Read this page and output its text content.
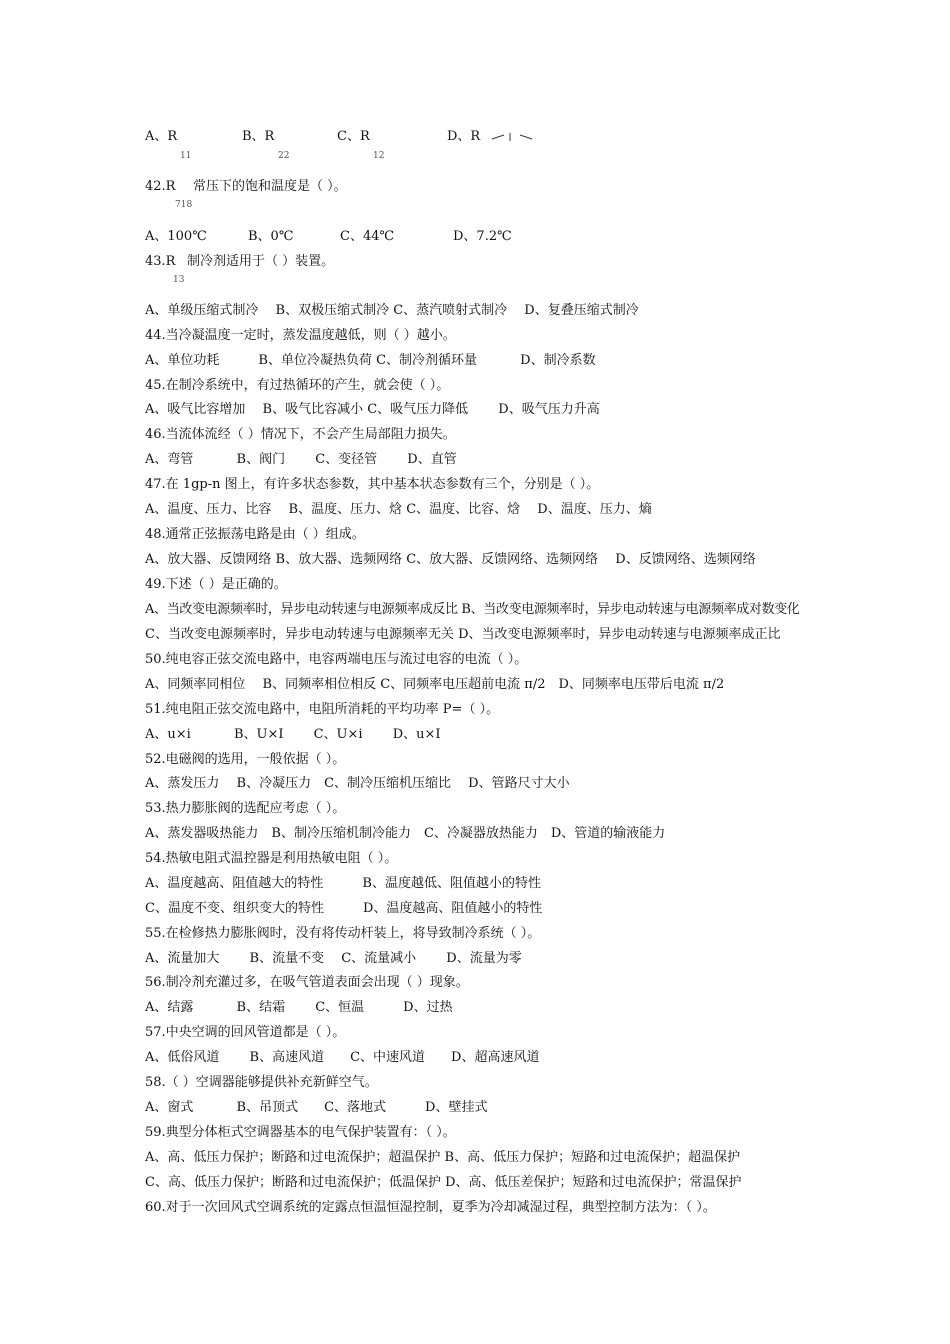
A、R
11
B、R
22
C、R
12
D、R
42.R
718
常压下的饱和温度是（ ）。
A、100℃	B、0℃	C、44℃	D、7.2℃
43.R
13
制冷剂适用于（ ）装置。
A、单级压缩式制冷　 B、双极压缩式制冷 C、蒸汽喷射式制冷　 D、复叠压缩式制冷
44.当冷凝温度一定时，蒸发温度越低，则（ ）越小。
A、单位功耗　　　B、单位冷凝热负荷 C、制冷剂循环量　　　 D、制冷系数
45.在制冷系统中，有过热循环的产生，就会使（ ）。
A、吸气比容增加　 B、吸气比容减小 C、吸气压力降低　　 D、吸气压力升高
46.当流体流经（ ）情况下，不会产生局部阻力损失。
A、弯管　　　 B、阀门　　 C、变径管　　 D、直管
47.在 1gp-n 图上，有许多状态参数，其中基本状态参数有三个，分别是（ ）。
A、温度、压力、比容　 B、温度、压力、焓 C、温度、比容、焓　 D、温度、压力、熵
48.通常正弦振荡电路是由（ ）组成。
A、放大器、反馈网络 B、放大器、选频网络 C、放大器、反馈网络、选频网络　 D、反馈网络、选频网络
49.下述（ ）是正确的。
A、当改变电源频率时，异步电动转速与电源频率成反比 B、当改变电源频率时，异步电动转速与电源频率成对数变化
C、当改变电源频率时，异步电动转速与电源频率无关 D、当改变电源频率时，异步电动转速与电源频率成正比
50.纯电容正弦交流电路中，电容两端电压与流过电容的电流（ ）。
A、同频率同相位　 B、同频率相位相反 C、同频率电压超前电流 π/2　D、同频率电压带后电流 π/2
51.纯电阻正弦交流电路中，电阻所消耗的平均功率 P=（ ）。
A、u×i　　　 B、U×I　　 C、U×i　　 D、u×I
52.电磁阀的选用，一般依据（ ）。
A、蒸发压力　 B、冷凝压力　C、制冷压缩机压缩比　 D、管路尺寸大小
53.热力膨胀阀的选配应考虑（ ）。
A、蒸发器吸热能力　B、制冷压缩机制冷能力　C、冷凝器放热能力　D、管道的输液能力
54.热敏电阻式温控器是利用热敏电阻（ ）。
A、温度越高、阻值越大的特性　　　B、温度越低、阻值越小的特性
C、温度不变、组织变大的特性　　　D、温度越高、阻值越小的特性
55.在检修热力膨胀阀时，没有将传动杆装上，将导致制冷系统（ ）。
A、流量加大　　 B、流量不变　 C、流量减小　　 D、流量为零
56.制冷剂充灌过多，在吸气管道表面会出现（ ）现象。
A、结露　　　 B、结霜　　 C、恒温　　　D、过热
57.中央空调的回风管道都是（ ）。
A、低俗风道　　 B、高速风道　　C、中速风道　　D、超高速风道
58.（ ）空调器能够提供补充新鲜空气。
A、窗式　　　 B、吊顶式　　C、落地式　　　D、壁挂式
59.典型分体柜式空调器基本的电气保护装置有：（ ）。
A、高、低压力保护；断路和过电流保护；超温保护 B、高、低压力保护；短路和过电流保护；超温保护
C、高、低压力保护；断路和过电流保护；低温保护 D、高、低压差保护；短路和过电流保护；常温保护
60.对于一次回风式空调系统的定露点恒温恒湿控制，夏季为冷却减湿过程，典型控制方法为：（ ）。
